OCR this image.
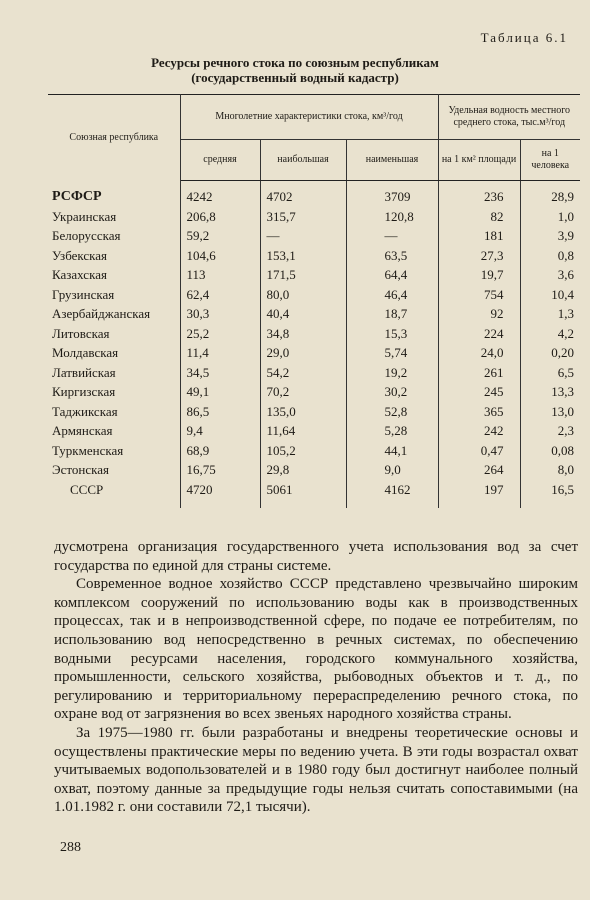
Таблица 6.1
Ресурсы речного стока по союзным республикам
(государственный водный кадастр)
Союзная республика	Многолетние характеристики стока, км³/год			Удельная водность местного среднего стока, тыс.м³/год	
	средняя	наибольшая	наименьшая	на 1 км² площади	на 1 человека
РСФСР	4242	4702	3709	236	28,9
Украинская	206,8	315,7	120,8	82	1,0
Белорусская	59,2	—	—	181	3,9
Узбекская	104,6	153,1	63,5	27,3	0,8
Казахская	113	171,5	64,4	19,7	3,6
Грузинская	62,4	80,0	46,4	754	10,4
Азербайджанская	30,3	40,4	18,7	92	1,3
Литовская	25,2	34,8	15,3	224	4,2
Молдавская	11,4	29,0	5,74	24,0	0,20
Латвийская	34,5	54,2	19,2	261	6,5
Киргизская	49,1	70,2	30,2	245	13,3
Таджикская	86,5	135,0	52,8	365	13,0
Армянская	9,4	11,64	5,28	242	2,3
Туркменская	68,9	105,2	44,1	0,47	0,08
Эстонская	16,75	29,8	9,0	264	8,0
СССР	4720	5061	4162	197	16,5

дусмотрена организация государственного учета использования вод за счет государства по единой для страны системе.

Современное водное хозяйство СССР представлено чрезвычайно широким комплексом сооружений по использованию воды как в производственных процессах, так и в непроизводственной сфере, по подаче ее потребителям, по использованию вод непосредственно в речных системах, по обеспечению водными ресурсами населения, городского коммунального хозяйства, промышленности, сельского хозяйства, рыбоводных объектов и т. д., по регулированию и территориальному перераспределению речного стока, по охране вод от загрязнения во всех звеньях народного хозяйства страны.

За 1975—1980 гг. были разработаны и внедрены теоретические основы и осуществлены практические меры по ведению учета. В эти годы возрастал охват учитываемых водопользователей и в 1980 году был достигнут наиболее полный охват, поэтому данные за предыдущие годы нельзя считать сопоставимыми (на 1.01.1982 г. они составили 72,1 тысячи).

288
